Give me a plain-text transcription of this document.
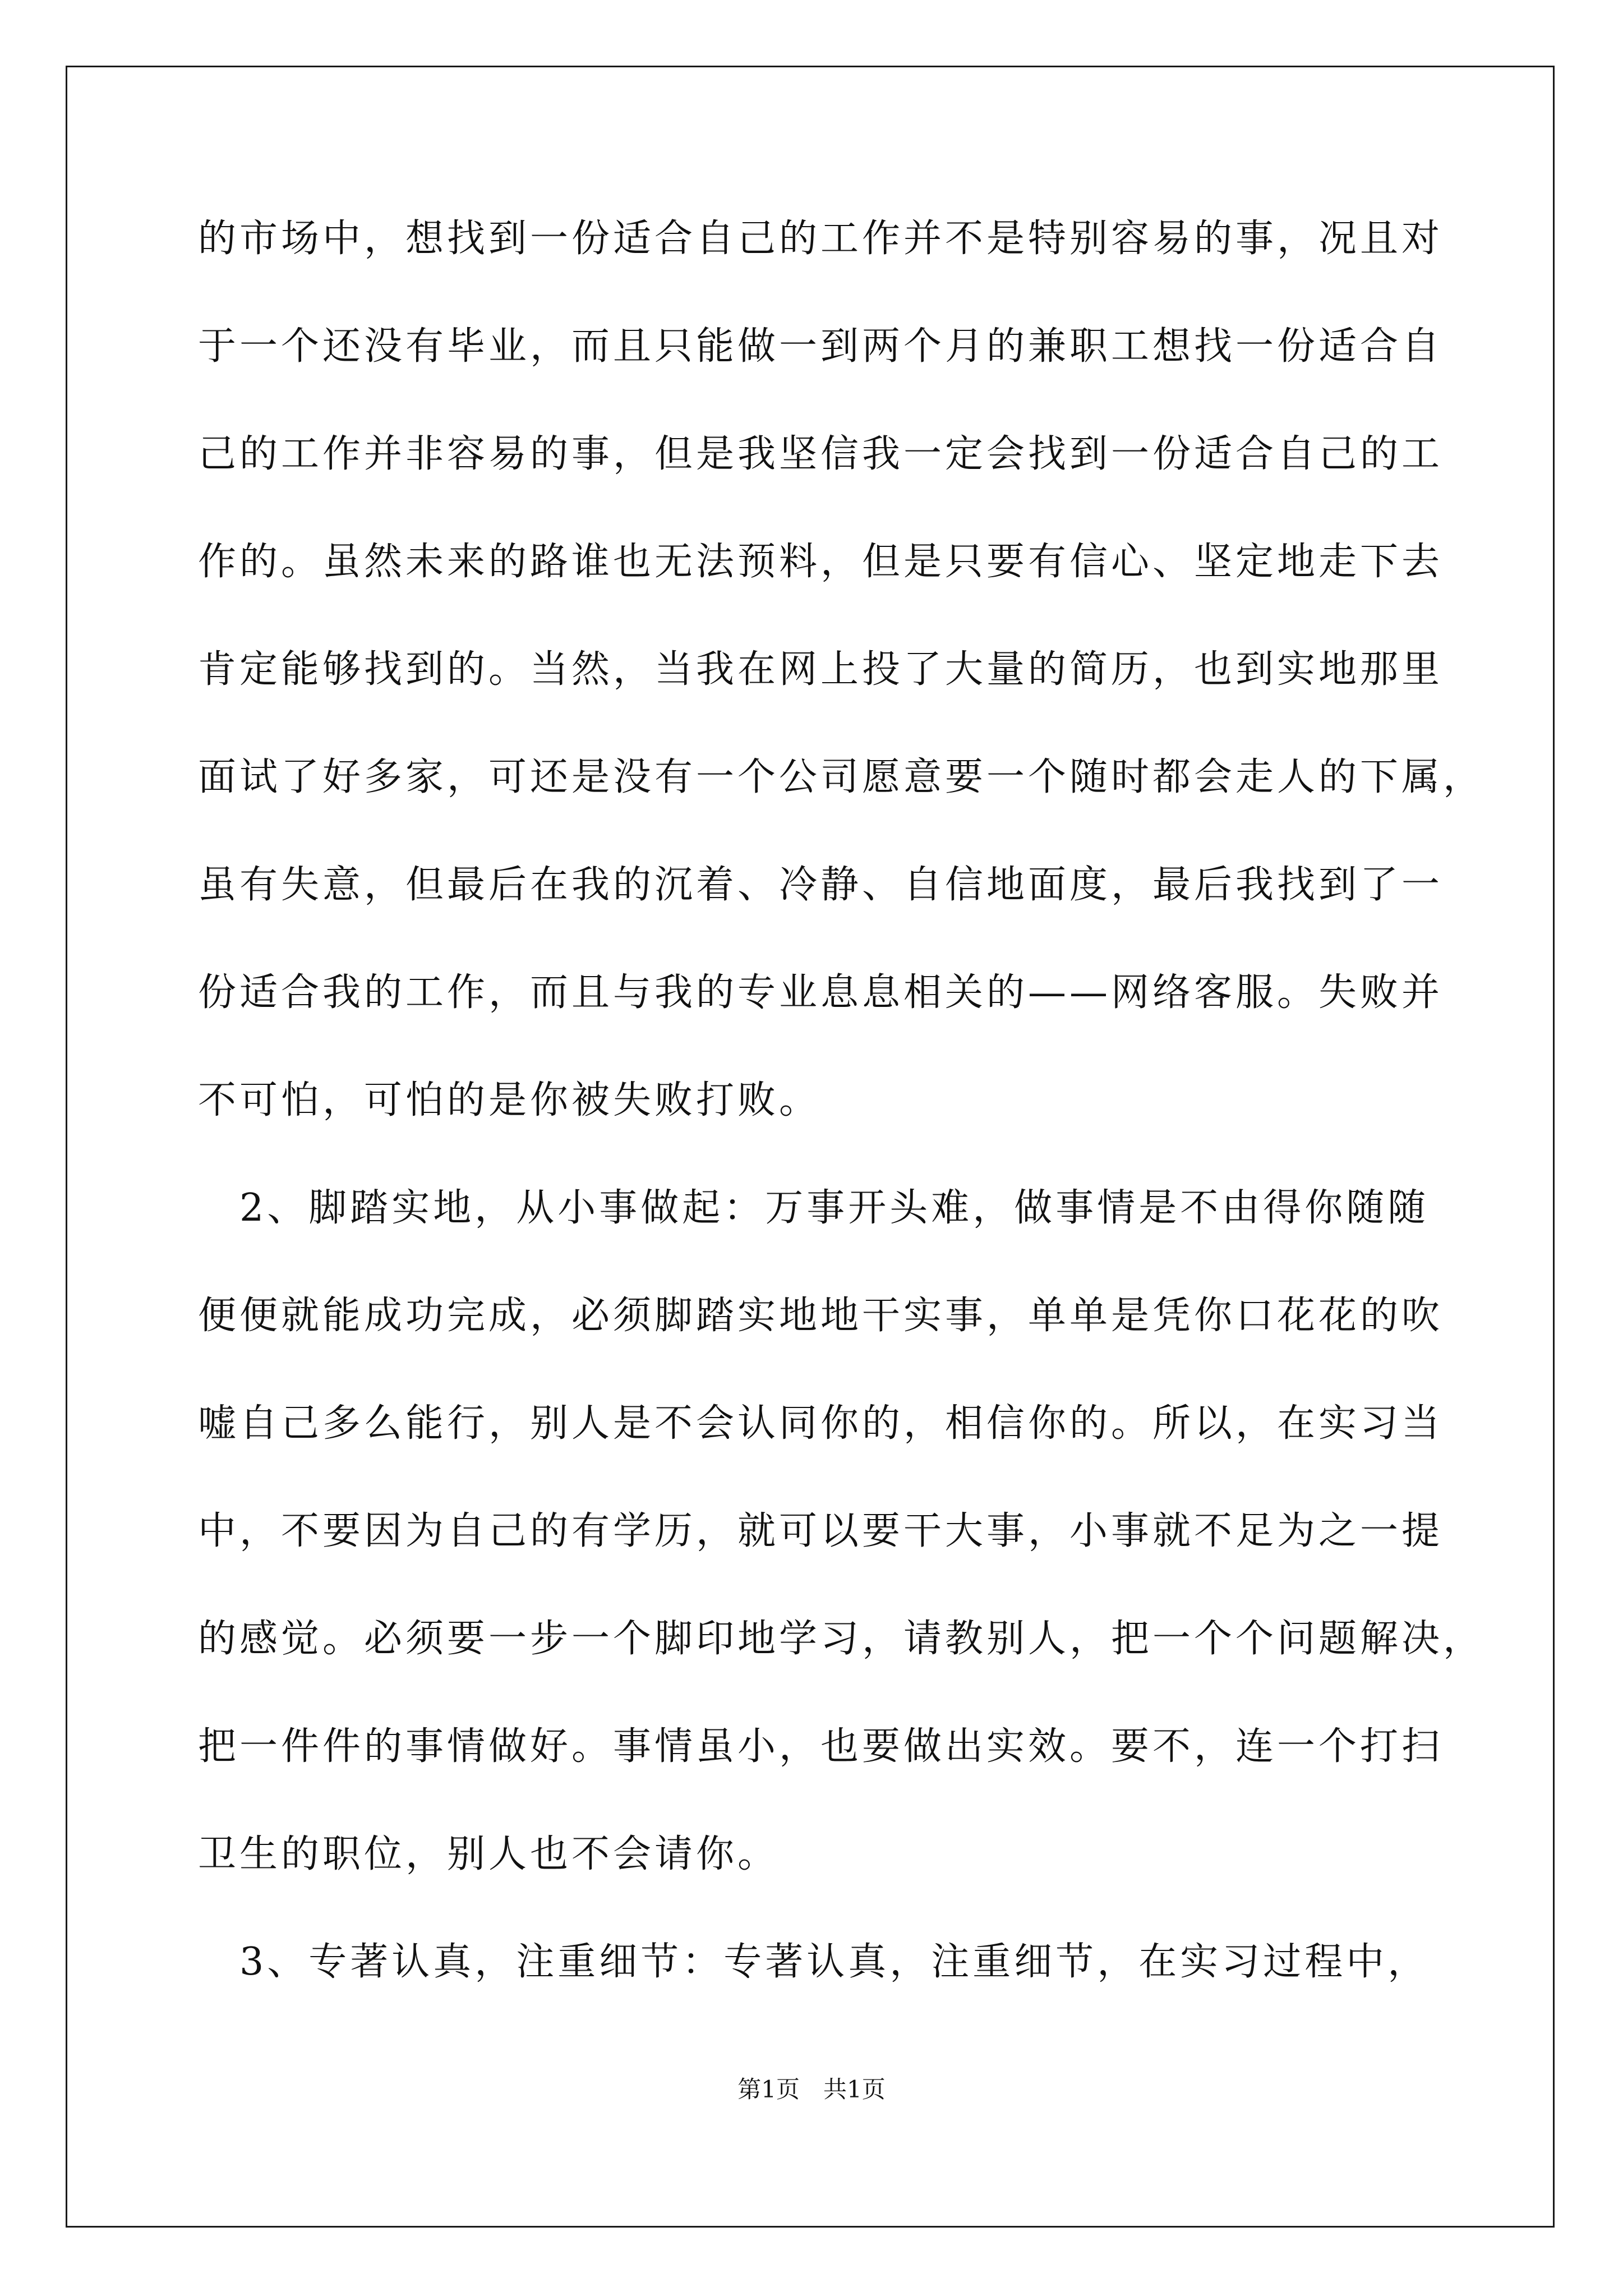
的市场中，想找到一份适合自己的工作并不是特别容易的事，况且对
于一个还没有毕业，而且只能做一到两个月的兼职工想找一份适合自
己的工作并非容易的事，但是我坚信我一定会找到一份适合自己的工
作的。虽然未来的路谁也无法预料，但是只要有信心、坚定地走下去
肯定能够找到的。当然，当我在网上投了大量的简历，也到实地那里
面试了好多家，可还是没有一个公司愿意要一个随时都会走人的下属，
虽有失意，但最后在我的沉着、冷静、自信地面度，最后我找到了一
份适合我的工作，而且与我的专业息息相关的——网络客服。失败并
不可怕，可怕的是你被失败打败。
　2、脚踏实地，从小事做起：万事开头难，做事情是不由得你随随
便便就能成功完成，必须脚踏实地地干实事，单单是凭你口花花的吹
嘘自己多么能行，别人是不会认同你的，相信你的。所以，在实习当
中，不要因为自己的有学历，就可以要干大事，小事就不足为之一提
的感觉。必须要一步一个脚印地学习，请教别人，把一个个问题解决，
把一件件的事情做好。事情虽小，也要做出实效。要不，连一个打扫
卫生的职位，别人也不会请你。
　3、专著认真，注重细节：专著认真，注重细节，在实习过程中，
第1页　共1页
